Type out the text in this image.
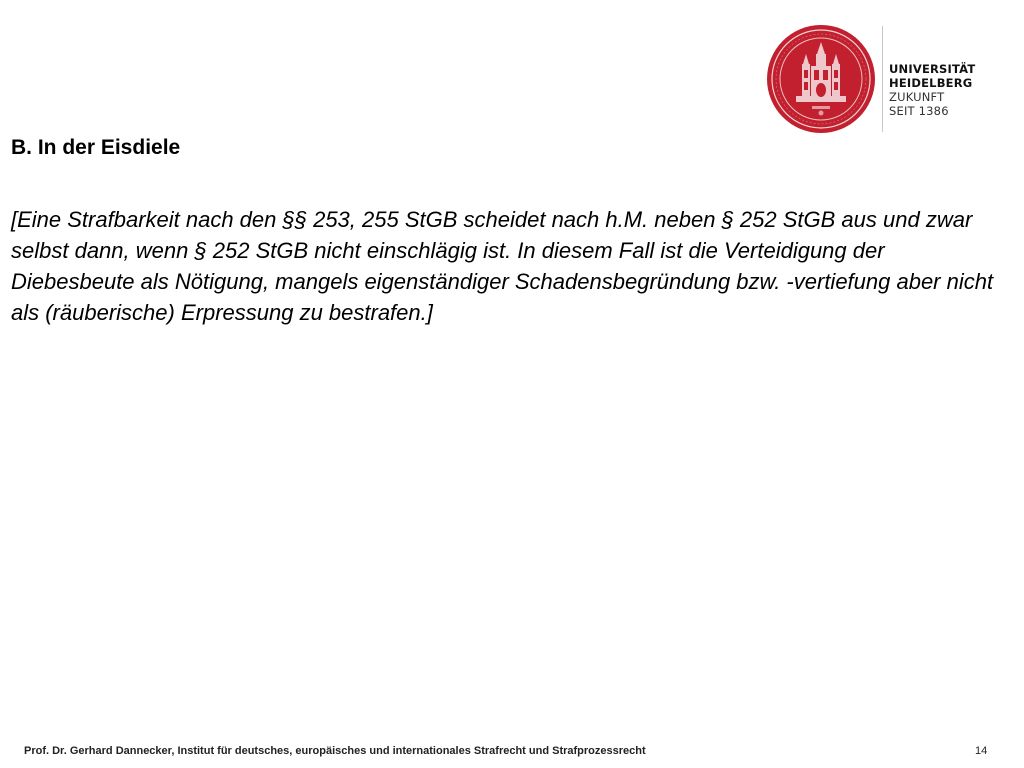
UNIVERSITÄT
HEIDELBERG
ZUKUNFT
SEIT 1386
B. In der Eisdiele

[Eine Strafbarkeit nach den §§ 253, 255 StGB scheidet nach h.M. neben § 252 StGB aus und zwar selbst dann, wenn § 252 StGB nicht einschlägig ist. In diesem Fall ist die Verteidigung der Diebesbeute als Nötigung, mangels eigenständiger Schadensbegründung bzw. -vertiefung aber nicht als (räuberische) Erpressung zu bestrafen.]

Prof. Dr. Gerhard Dannecker, Institut für deutsches, europäisches und internationales Strafrecht und Strafprozessrecht	14
